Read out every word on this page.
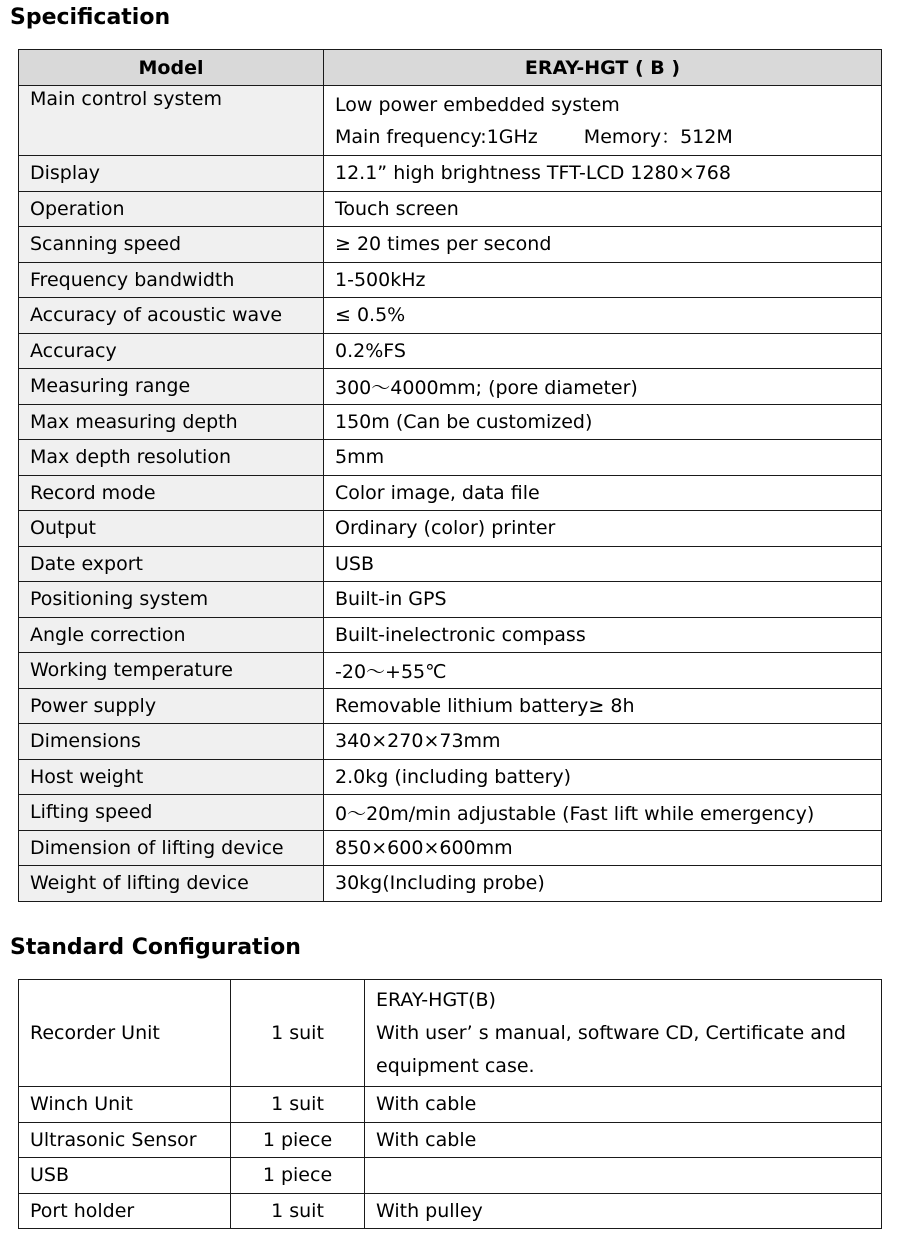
Specification
Model	ERAY-HGT ( B )
Main control system	Low power embedded system
Main frequency:1GHz Memory：512M

Display	12.1” high brightness TFT-LCD 1280×768
Operation	Touch screen
Scanning speed	≥ 20 times per second
Frequency bandwidth	1-500kHz
Accuracy of acoustic wave	≤ 0.5%
Accuracy	0.2%FS
Measuring range	300～4000mm; (pore diameter)
Max measuring depth	150m (Can be customized)
Max depth resolution	5mm
Record mode	Color image, data file
Output	Ordinary (color) printer
Date export	USB
Positioning system	Built-in GPS
Angle correction	Built-inelectronic compass
Working temperature	-20～+55℃
Power supply	Removable lithium battery≥ 8h
Dimensions	340×270×73mm
Host weight	2.0kg (including battery)
Lifting speed	0～20m/min adjustable (Fast lift while emergency)
Dimension of lifting device	850×600×600mm
Weight of lifting device	30kg(Including probe)
Standard Configuration
Recorder Unit	1 suit	ERAY-HGT(B)
With user’ s manual, software CD, Certificate and equipment case.

Winch Unit	1 suit	With cable
Ultrasonic Sensor	1 piece	With cable
USB	1 piece	
Port holder	1 suit	With pulley
